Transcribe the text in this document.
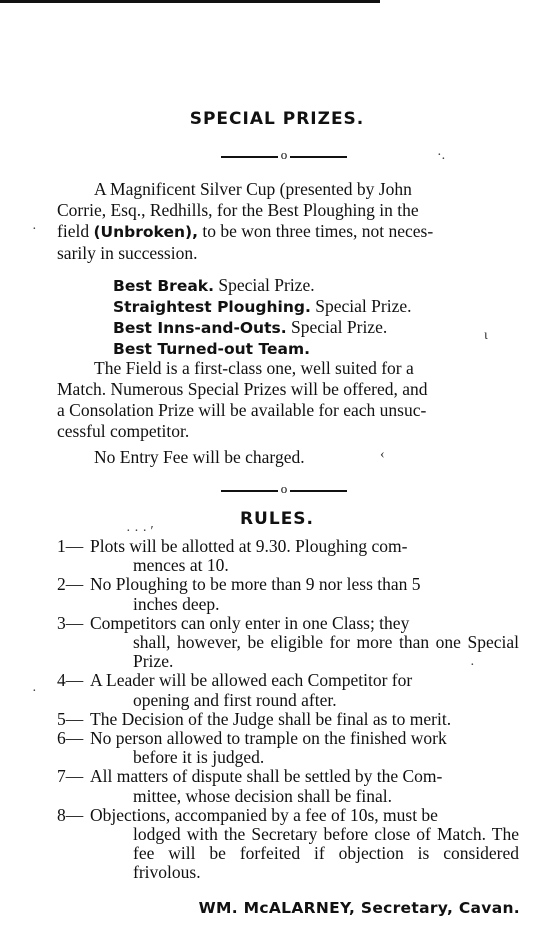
SPECIAL PRIZES.
o
A Magnificent Silver Cup (presented by John
Corrie, Esq., Redhills, for the Best Ploughing in the
field (Unbroken), to be won three times, not neces-
sarily in succession.
Best Break. Special Prize.
Straightest Ploughing. Special Prize.
Best Inns-and-Outs. Special Prize.
Best Turned-out Team.
The Field is a first-class one, well suited for a
Match. Numerous Special Prizes will be offered, and
a Consolation Prize will be available for each unsuc-
cessful competitor.
No Entry Fee will be charged.
o
RULES.
1— Plots will be allotted at 9.30. Ploughing com-
mences at 10.
2— No Ploughing to be more than 9 nor less than 5
inches deep.
3— Competitors can only enter in one Class; they
shall, however, be eligible for more than one Special Prize.
4— A Leader will be allowed each Competitor for
opening and first round after.
5— The Decision of the Judge shall be final as to merit.
6— No person allowed to trample on the finished work
before it is judged.
7— All matters of dispute shall be settled by the Com-
mittee, whose decision shall be final.
8— Objections, accompanied by a fee of 10s, must be
lodged with the Secretary before close of Match. The fee will be forfeited if objection is considered frivolous.
WM. McALARNEY, Secretary, Cavan.
·.
·
ι
‹
· · · ′
·
·
